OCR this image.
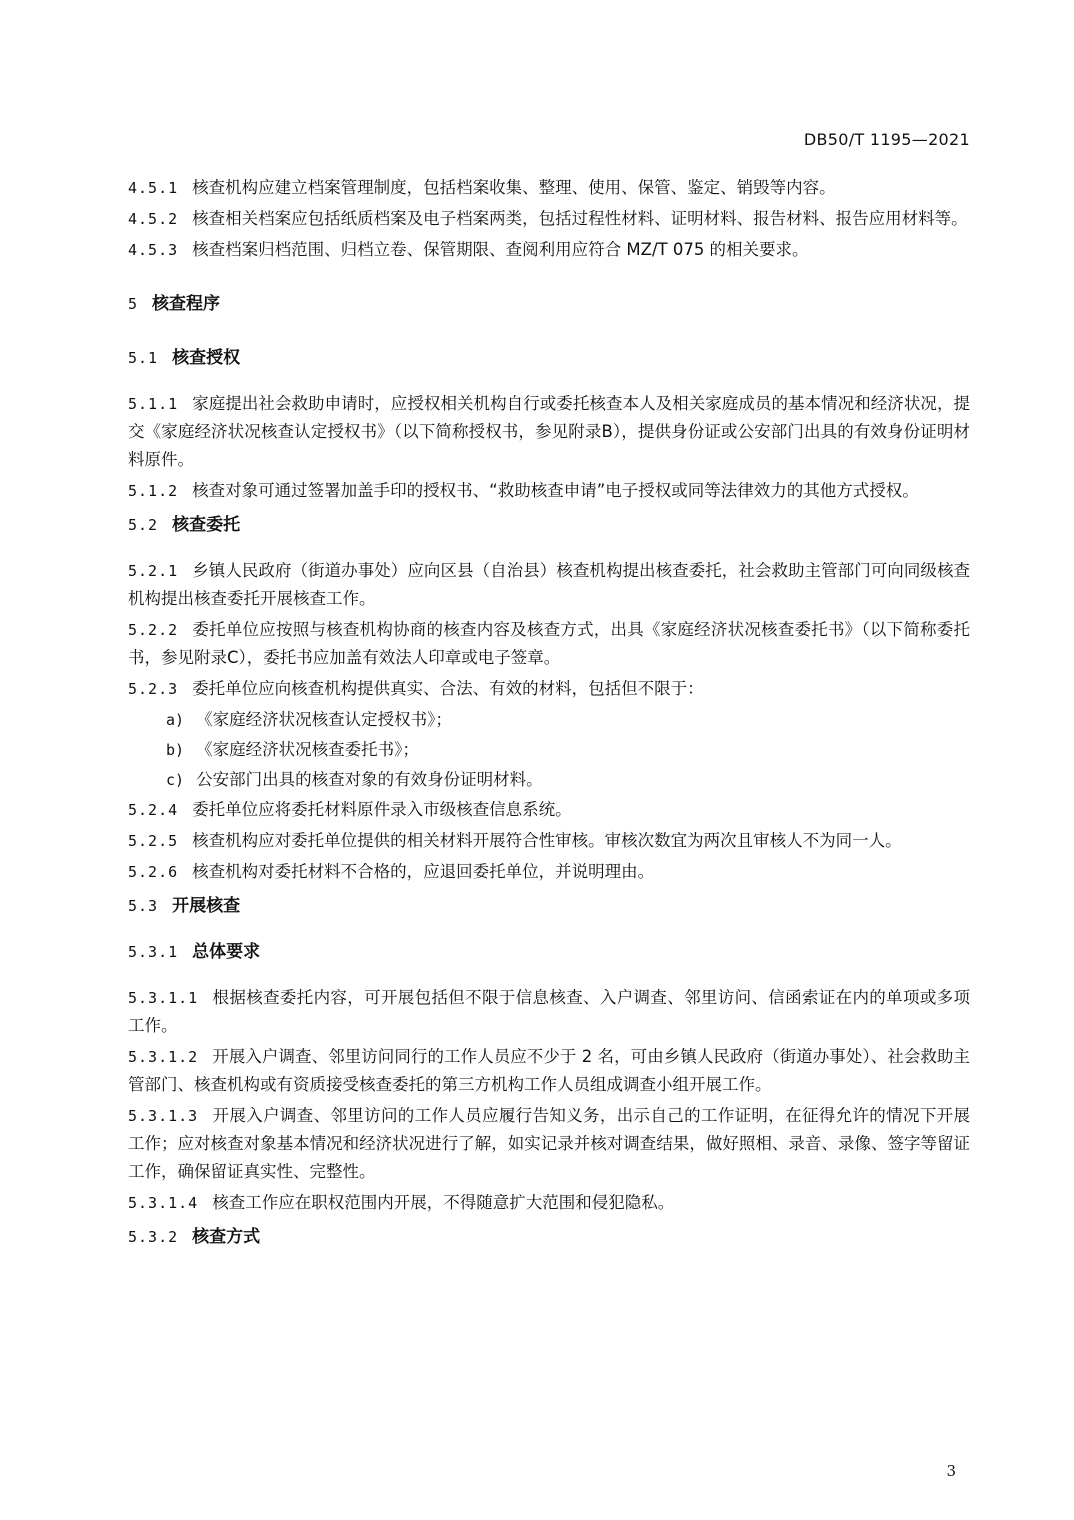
DB50/T 1195—2021

4.5.1 核查机构应建立档案管理制度，包括档案收集、整理、使用、保管、鉴定、销毁等内容。

4.5.2 核查相关档案应包括纸质档案及电子档案两类，包括过程性材料、证明材料、报告材料、报告应用材料等。

4.5.3 核查档案归档范围、归档立卷、保管期限、查阅利用应符合 MZ/T 075 的相关要求。

5 核查程序
5.1 核查授权

5.1.1 家庭提出社会救助申请时，应授权相关机构自行或委托核查本人及相关家庭成员的基本情况和经济状况，提交《家庭经济状况核查认定授权书》（以下简称授权书，参见附录B），提供身份证或公安部门出具的有效身份证明材料原件。

5.1.2 核查对象可通过签署加盖手印的授权书、“救助核查申请”电子授权或同等法律效力的其他方式授权。

5.2 核查委托

5.2.1 乡镇人民政府（街道办事处）应向区县（自治县）核查机构提出核查委托，社会救助主管部门可向同级核查机构提出核查委托开展核查工作。

5.2.2 委托单位应按照与核查机构协商的核查内容及核查方式，出具《家庭经济状况核查委托书》（以下简称委托书，参见附录C），委托书应加盖有效法人印章或电子签章。

5.2.3 委托单位应向核查机构提供真实、合法、有效的材料，包括但不限于：

a) 《家庭经济状况核查认定授权书》；

b) 《家庭经济状况核查委托书》；

c) 公安部门出具的核查对象的有效身份证明材料。

5.2.4 委托单位应将委托材料原件录入市级核查信息系统。

5.2.5 核查机构应对委托单位提供的相关材料开展符合性审核。审核次数宜为两次且审核人不为同一人。

5.2.6 核查机构对委托材料不合格的，应退回委托单位，并说明理由。

5.3 开展核查
5.3.1 总体要求

5.3.1.1 根据核查委托内容，可开展包括但不限于信息核查、入户调查、邻里访问、信函索证在内的单项或多项工作。

5.3.1.2 开展入户调查、邻里访问同行的工作人员应不少于 2 名，可由乡镇人民政府（街道办事处）、社会救助主管部门、核查机构或有资质接受核查委托的第三方机构工作人员组成调查小组开展工作。

5.3.1.3 开展入户调查、邻里访问的工作人员应履行告知义务，出示自己的工作证明，在征得允许的情况下开展工作；应对核查对象基本情况和经济状况进行了解，如实记录并核对调查结果，做好照相、录音、录像、签字等留证工作，确保留证真实性、完整性。

5.3.1.4 核查工作应在职权范围内开展，不得随意扩大范围和侵犯隐私。

5.3.2 核查方式
3
